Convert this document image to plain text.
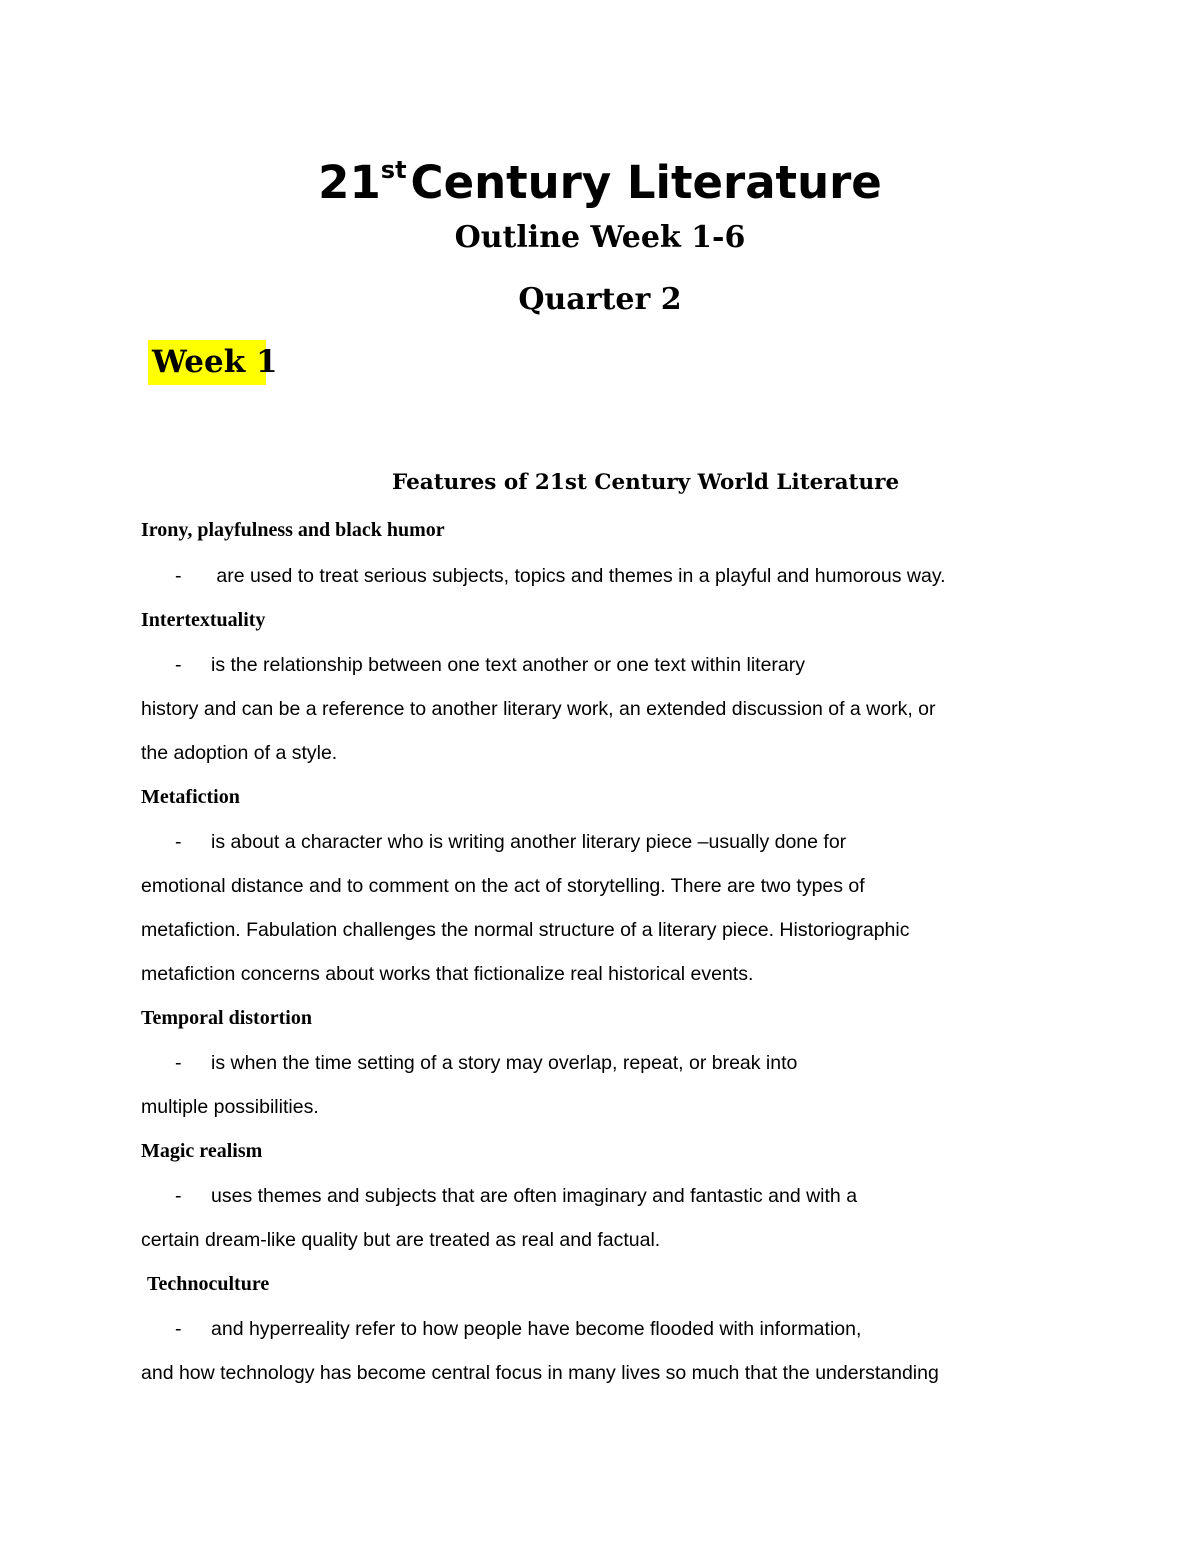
21stCentury Literature
Outline Week 1-6
Quarter 2
Week 1
Features of 21st Century World Literature
Irony, playfulness and black humor
- are used to treat serious subjects, topics and themes in a playful and humorous way.
Intertextuality
- is the relationship between one text another or one text within literary
history and can be a reference to another literary work, an extended discussion of a work, or
the adoption of a style.
Metafiction
- is about a character who is writing another literary piece –usually done for
emotional distance and to comment on the act of storytelling. There are two types of
metafiction. Fabulation challenges the normal structure of a literary piece. Historiographic
metafiction concerns about works that fictionalize real historical events.
Temporal distortion
- is when the time setting of a story may overlap, repeat, or break into
multiple possibilities.
Magic realism
- uses themes and subjects that are often imaginary and fantastic and with a
certain dream-like quality but are treated as real and factual.
Technoculture
- and hyperreality refer to how people have become flooded with information,
and how technology has become central focus in many lives so much that the understanding
